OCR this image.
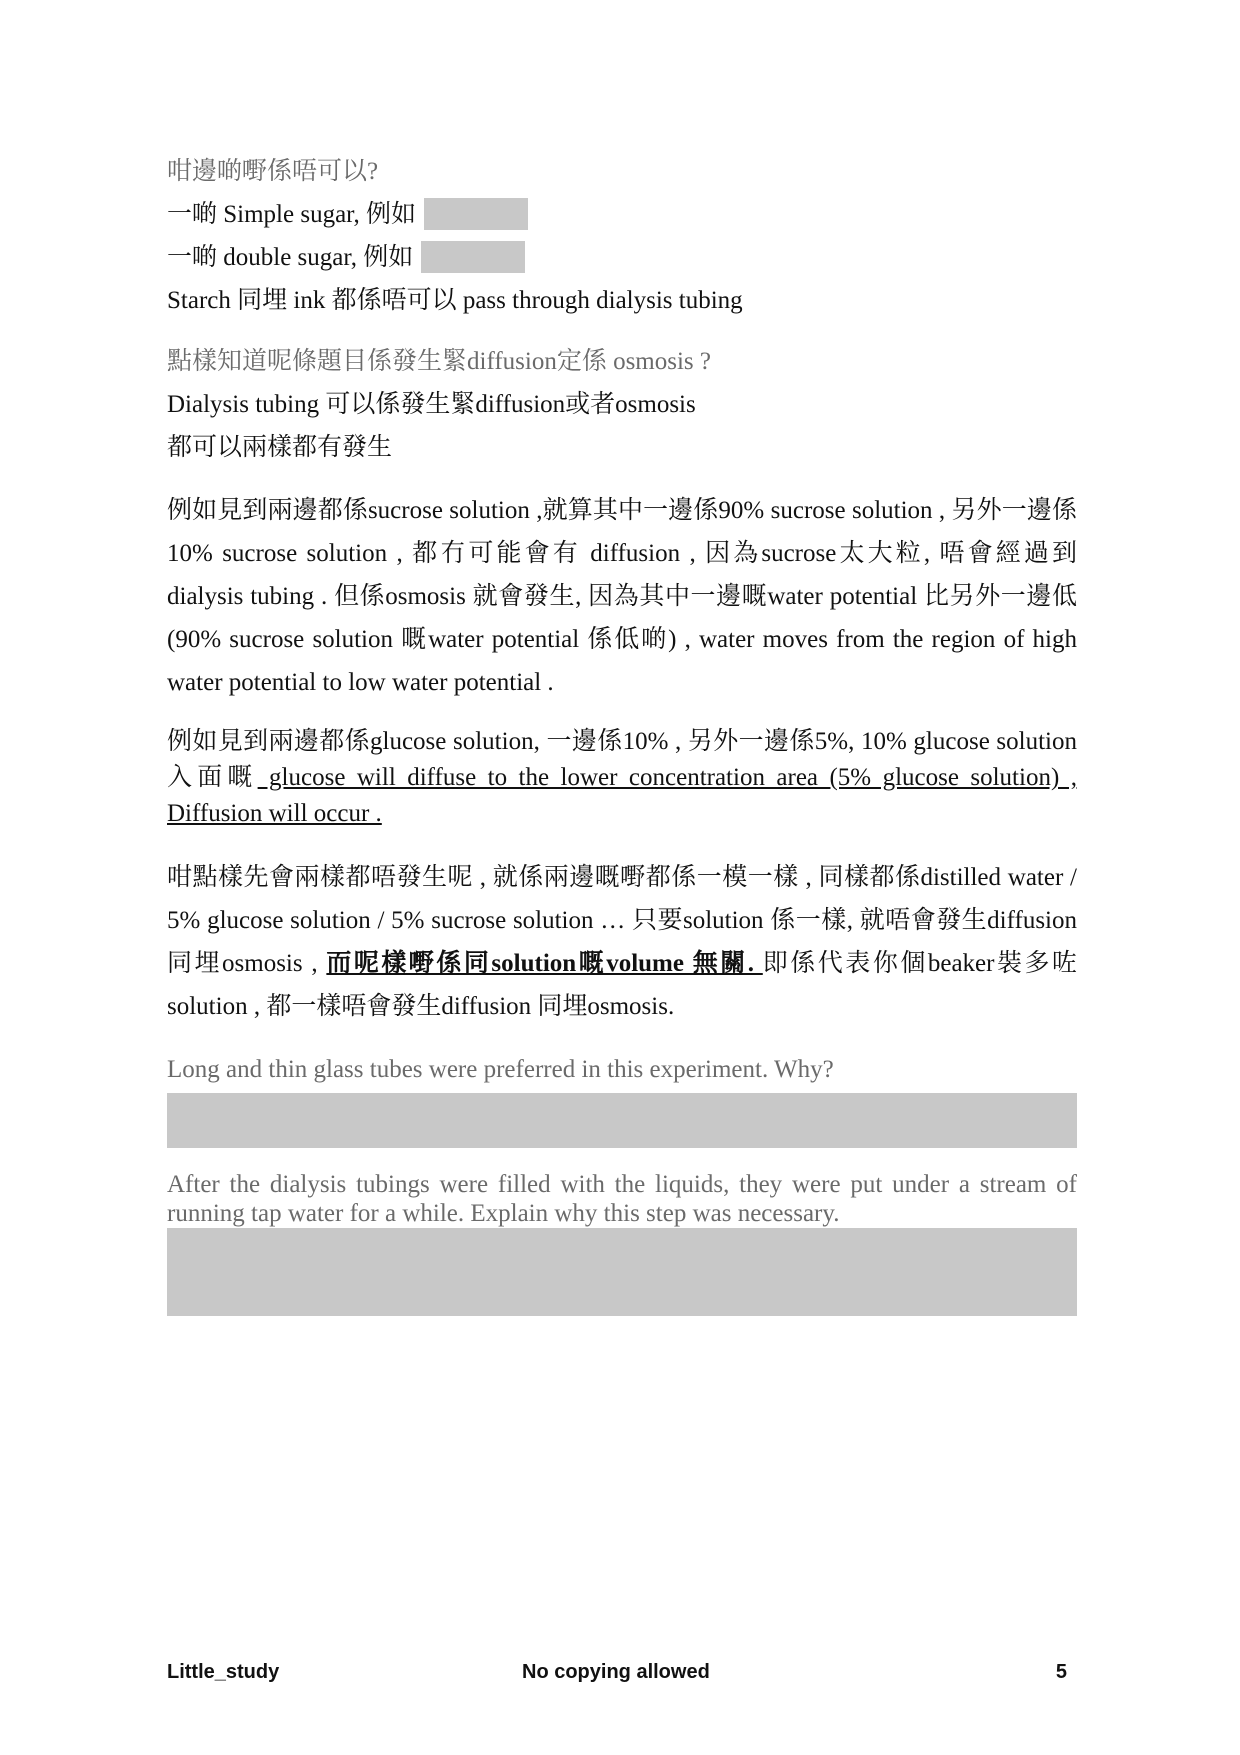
咁邊啲嘢係唔可以?
一啲 Simple sugar, 例如
一啲 double sugar, 例如
Starch 同埋 ink 都係唔可以 pass through dialysis tubing
點樣知道呢條題目係發生緊diffusion定係 osmosis ?
Dialysis tubing 可以係發生緊diffusion或者osmosis
都可以兩樣都有發生

例如見到兩邊都係sucrose solution ,就算其中一邊係90% sucrose solution , 另外一邊係 10% sucrose solution , 都冇可能會有 diffusion , 因為sucrose太大粒, 唔會經過到dialysis tubing . 但係osmosis 就會發生, 因為其中一邊嘅water potential 比另外一邊低(90% sucrose solution 嘅water potential 係低啲) , water moves from the region of high water potential to low water potential .

例如見到兩邊都係glucose solution, 一邊係10% , 另外一邊係5%, 10% glucose solution 入面嘅 glucose will diffuse to the lower concentration area (5% glucose solution) , Diffusion will occur .

咁點樣先會兩樣都唔發生呢 , 就係兩邊嘅嘢都係一模一樣 , 同樣都係distilled water / 5% glucose solution / 5% sucrose solution … 只要solution 係一樣, 就唔會發生diffusion 同埋osmosis , 而呢樣嘢係同solution嘅volume 無關. 即係代表你個beaker裝多咗solution , 都一樣唔會發生diffusion 同埋osmosis.

Long and thin glass tubes were preferred in this experiment. Why?
After the dialysis tubings were filled with the liquids, they were put under a stream of running tap water for a while. Explain why this step was necessary.
Little_study	No copying allowed	5
